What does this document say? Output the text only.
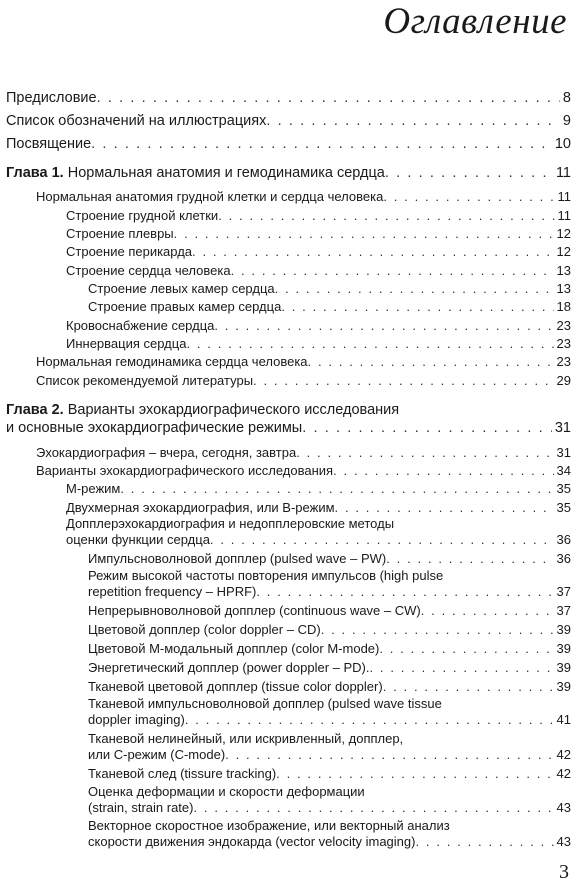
Оглавление
Предисловие . . .	8
Список обозначений на иллюстрациях . . .	9
Посвящение . . .	10
Глава 1. Нормальная анатомия и гемодинамика сердца . . .	11
Нормальная анатомия грудной клетки и сердца человека . . .	11
Строение грудной клетки . . .	11
Строение плевры . . .	12
Строение перикарда . . .	12
Строение сердца человека . . .	13
Строение левых камер сердца . . .	13
Строение правых камер сердца . . .	18
Кровоснабжение сердца . . .	23
Иннервация сердца . . .	23
Нормальная гемодинамика сердца человека . . .	23
Список рекомендуемой литературы . . .	29
Глава 2. Варианты эхокардиографического исследования
и основные эхокардиографические режимы . . .	31
Эхокардиография – вчера, сегодня, завтра . . .	31
Варианты эхокардиографического исследования . . .	34
М-режим . . .	35
Двухмерная эхокардиография, или В-режим . . .	35
Допплерэхокардиография и недопплеровские методы
оценки функции сердца . . .	36
Импульсноволновой допплер (pulsed wave – PW) . . .	36
Режим высокой частоты повторения импульсов (high pulse
repetition frequency – HPRF) . . .	37
Непрерывноволновой допплер (continuous wave – CW) . . .	37
Цветовой допплер (color doppler – CD) . . .	39
Цветовой М-модальный допплер (color M-mode) . . .	39
Энергетический допплер (power doppler – PD). . . .	39
Тканевой цветовой допплер (tissue color doppler) . . .	39
Тканевой импульсноволновой допплер (pulsed wave tissue
doppler imaging) . . .	41
Тканевой нелинейный, или искривленный, допплер,
или С-режим (C-mode) . . .	42
Тканевой след (tissure tracking) . . .	42
Оценка деформации и скорости деформации
(strain, strain rate) . . .	43
Векторное скоростное изображение, или векторный анализ
скорости движения эндокарда (vector velocity imaging) . . .	43
3
